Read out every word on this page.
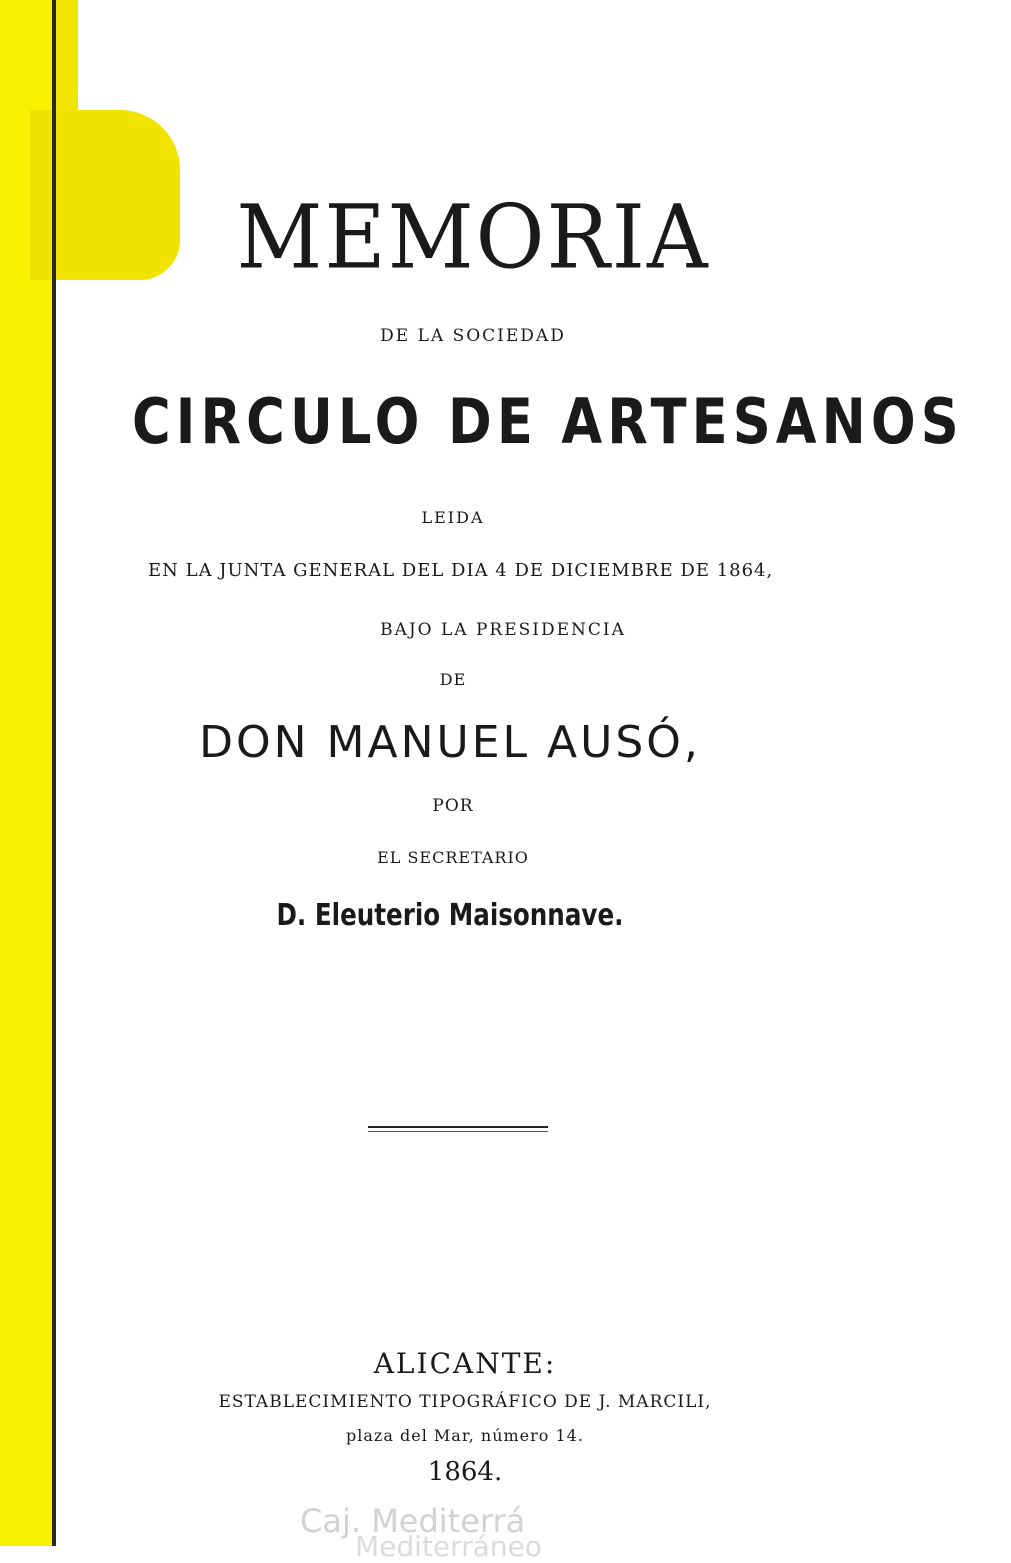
MEMORIA
DE LA SOCIEDAD
CIRCULO DE ARTESANOS
LEIDA
EN LA JUNTA GENERAL DEL DIA 4 DE DICIEMBRE DE 1864,
BAJO LA PRESIDENCIA
DE
DON MANUEL AUSÓ,
POR
EL SECRETARIO
D. Eleuterio Maisonnave.
ALICANTE:
ESTABLECIMIENTO TIPOGRÁFICO DE J. MARCILI,
plaza del Mar, número 14.
1864.
Caj. Mediterrá
Mediterráneo
